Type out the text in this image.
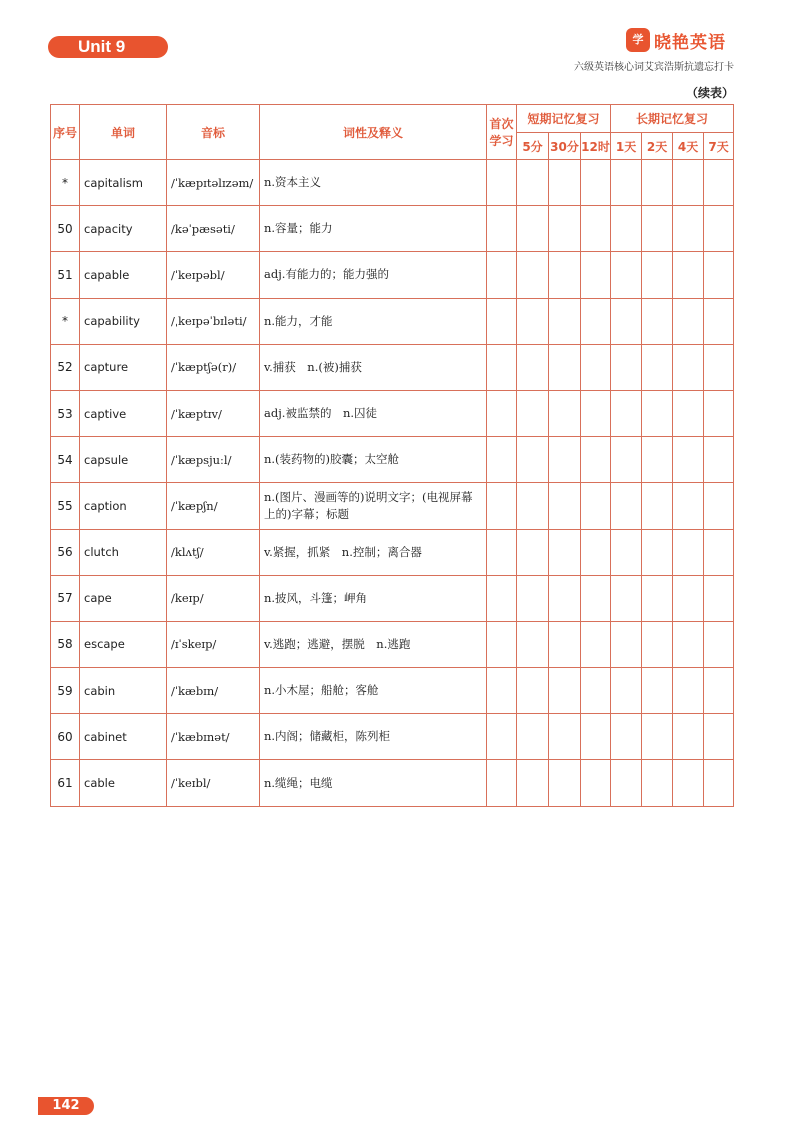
Unit 9	学 晓艳英语
六级英语核心词艾宾浩斯抗遗忘打卡
（续表）
序号	单词	音标	词性及释义	首次学习	短期记忆复习			长期记忆复习			
					5分	30分	12时	1天	2天	4天	7天
*	capitalism	/ˈkæpɪtəlɪzəm/	n.资本主义								
50	capacity	/kəˈpæsəti/	n.容量；能力								
51	capable	/ˈkeɪpəbl/	adj.有能力的；能力强的								
*	capability	/ˌkeɪpəˈbɪləti/	n.能力，才能								
52	capture	/ˈkæptʃə(r)/	v.捕获　n.(被)捕获								
53	captive	/ˈkæptɪv/	adj.被监禁的　n.囚徒								
54	capsule	/ˈkæpsjuːl/	n.(装药物的)胶囊；太空舱								
55	caption	/ˈkæpʃn/	n.(图片、漫画等的)说明文字；(电视屏幕上的)字幕；标题								
56	clutch	/klʌtʃ/	v.紧握，抓紧　n.控制；离合器								
57	cape	/keɪp/	n.披风，斗篷；岬角								
58	escape	/ɪˈskeɪp/	v.逃跑；逃避，摆脱　n.逃跑								
59	cabin	/ˈkæbɪn/	n.小木屋；船舱；客舱								
60	cabinet	/ˈkæbɪnət/	n.内阁；储藏柜，陈列柜								
61	cable	/ˈkeɪbl/	n.缆绳；电缆								
142
